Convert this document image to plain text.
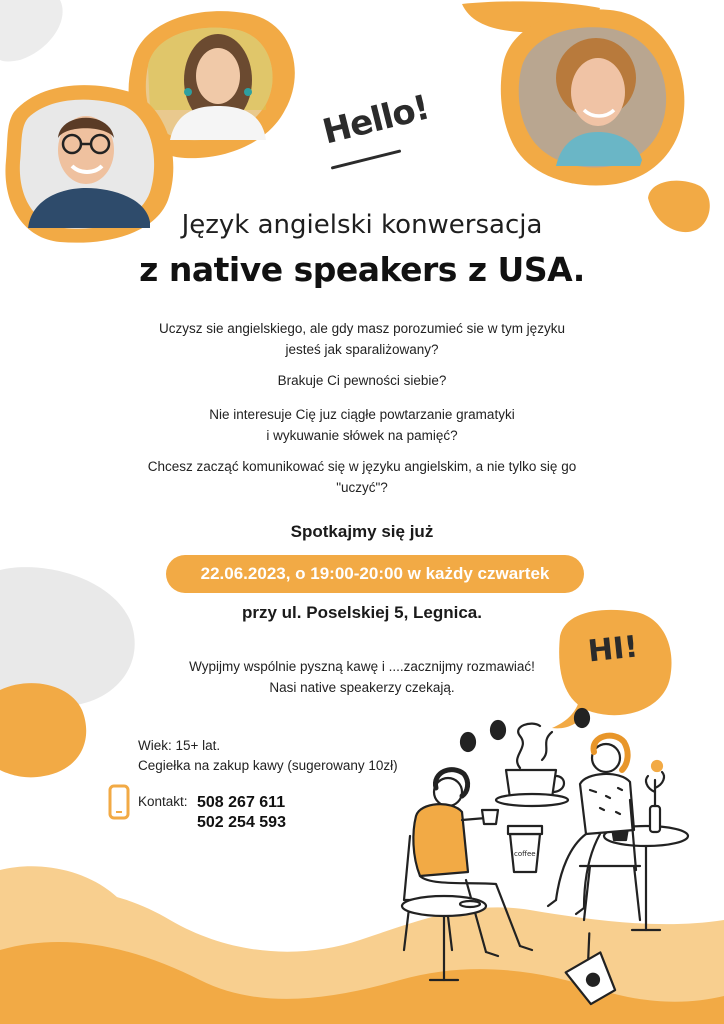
coffee
Hello!
Język angielski konwersacja
z native speakers z USA.
Uczysz sie angielskiego, ale gdy masz porozumieć sie w tym języku
jesteś jak sparaliżowany?
Brakuje Ci pewności siebie?
Nie interesuje Cię juz ciągłe powtarzanie gramatyki
i wykuwanie słówek na pamięć?
Chcesz zacząć komunikować się w języku angielskim, a nie tylko się go
"uczyć"?
Spotkajmy się już
22.06.2023, o 19:00-20:00 w każdy czwartek
przy ul. Poselskiej 5, Legnica.
HI!
Wypijmy wspólnie pyszną kawę i ....zacznijmy rozmawiać!
Nasi native speakerzy czekają.
Wiek: 15+ lat.
Cegiełka na zakup kawy (sugerowany 10zł)
Kontakt: 508 267 611
502 254 593
